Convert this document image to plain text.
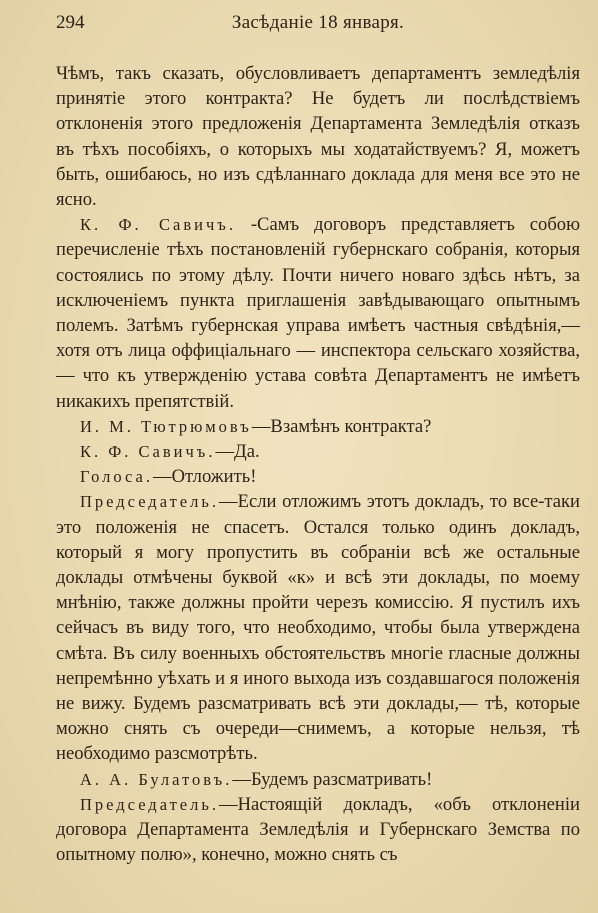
294	Засѣданіе 18 января.

Чѣмъ, такъ сказать, обусловливаетъ департаментъ земледѣлія принятіе этого контракта? Не будетъ ли послѣдствіемъ отклоненія этого предложенія Департамента Земледѣлія отказъ въ тѣхъ пособіяхъ, о которыхъ мы ходатайствуемъ? Я, можетъ быть, ошибаюсь, но изъ сдѣланнаго доклада для меня все это не ясно.

К. Ф. Савичъ. -Самъ договоръ представляетъ собою перечисленіе тѣхъ постановленій губернскаго собранія, которыя состоялись по этому дѣлу. Почти ничего новаго здѣсь нѣтъ, за исключеніемъ пункта приглашенія завѣдывающаго опытнымъ полемъ. Затѣмъ губернская управа имѣетъ частныя свѣдѣнія,— хотя отъ лица оффиціальнаго — инспектора сельскаго хозяйства, — что къ утвержденію устава совѣта Департаментъ не имѣетъ никакихъ препятствій.

И. М. Тютрюмовъ—Взамѣнъ контракта?

К. Ф. Савичъ.—Да.

Голоса.—Отложить!

Председатель.—Если отложимъ этотъ докладъ, то все-таки это положенія не спасетъ. Остался только одинъ докладъ, который я могу пропустить въ собраніи всѣ же остальные доклады отмѣчены буквой «к» и всѣ эти доклады, по моему мнѣнію, также должны пройти черезъ комиссію. Я пустилъ ихъ сейчасъ въ виду того, что необходимо, чтобы была утверждена смѣта. Въ силу военныхъ обстоятельствъ многіе гласные должны непремѣнно уѣхать и я иного выхода изъ создавшагося положенія не вижу. Будемъ разсматривать всѣ эти доклады,— тѣ, которые можно снять съ очереди—снимемъ, а которые нельзя, тѣ необходимо разсмотрѣть.

А. А. Булатовъ.—Будемъ разсматривать!

Председатель.—Настоящій докладъ, «объ отклоненіи договора Департамента Земледѣлія и Губернскаго Земства по опытному полю», конечно, можно снять съ
